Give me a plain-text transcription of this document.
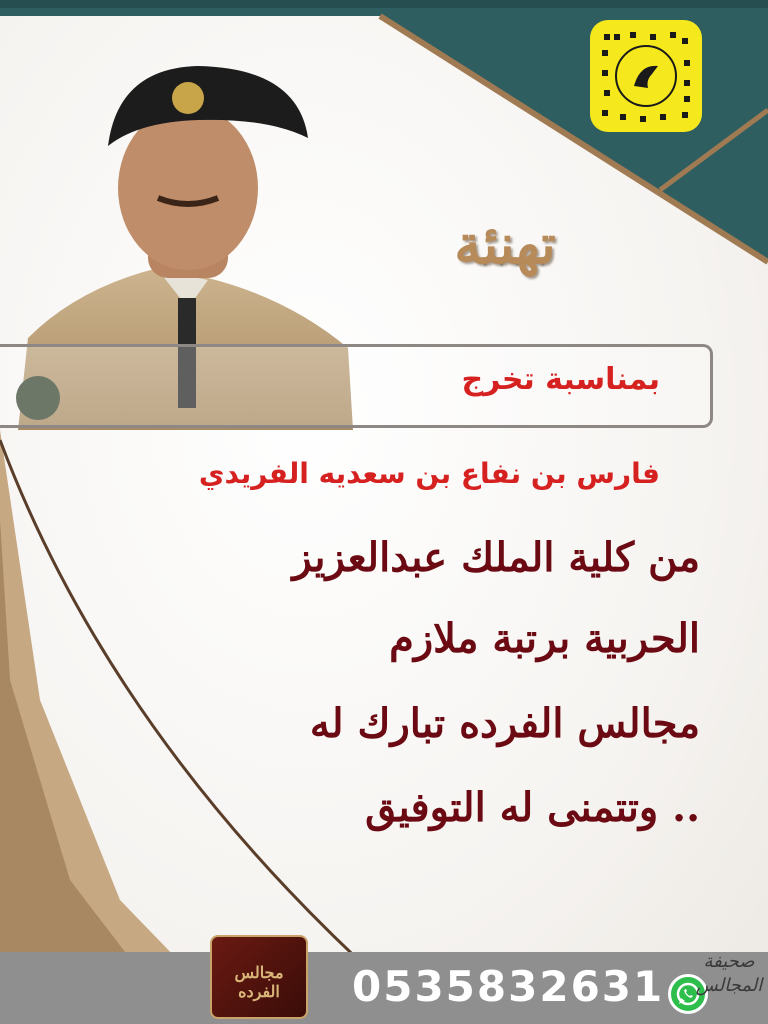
تهنئة
بمناسبة تخرج
فارس بن نفاع بن سعديه الفريدي
من كلية الملك عبدالعزيز
الحربية برتبة ملازم
مجالس الفرده تبارك له
وتتمنى له التوفيق ..
مجالس الفرده	0535832631
صحيفة المجالس
